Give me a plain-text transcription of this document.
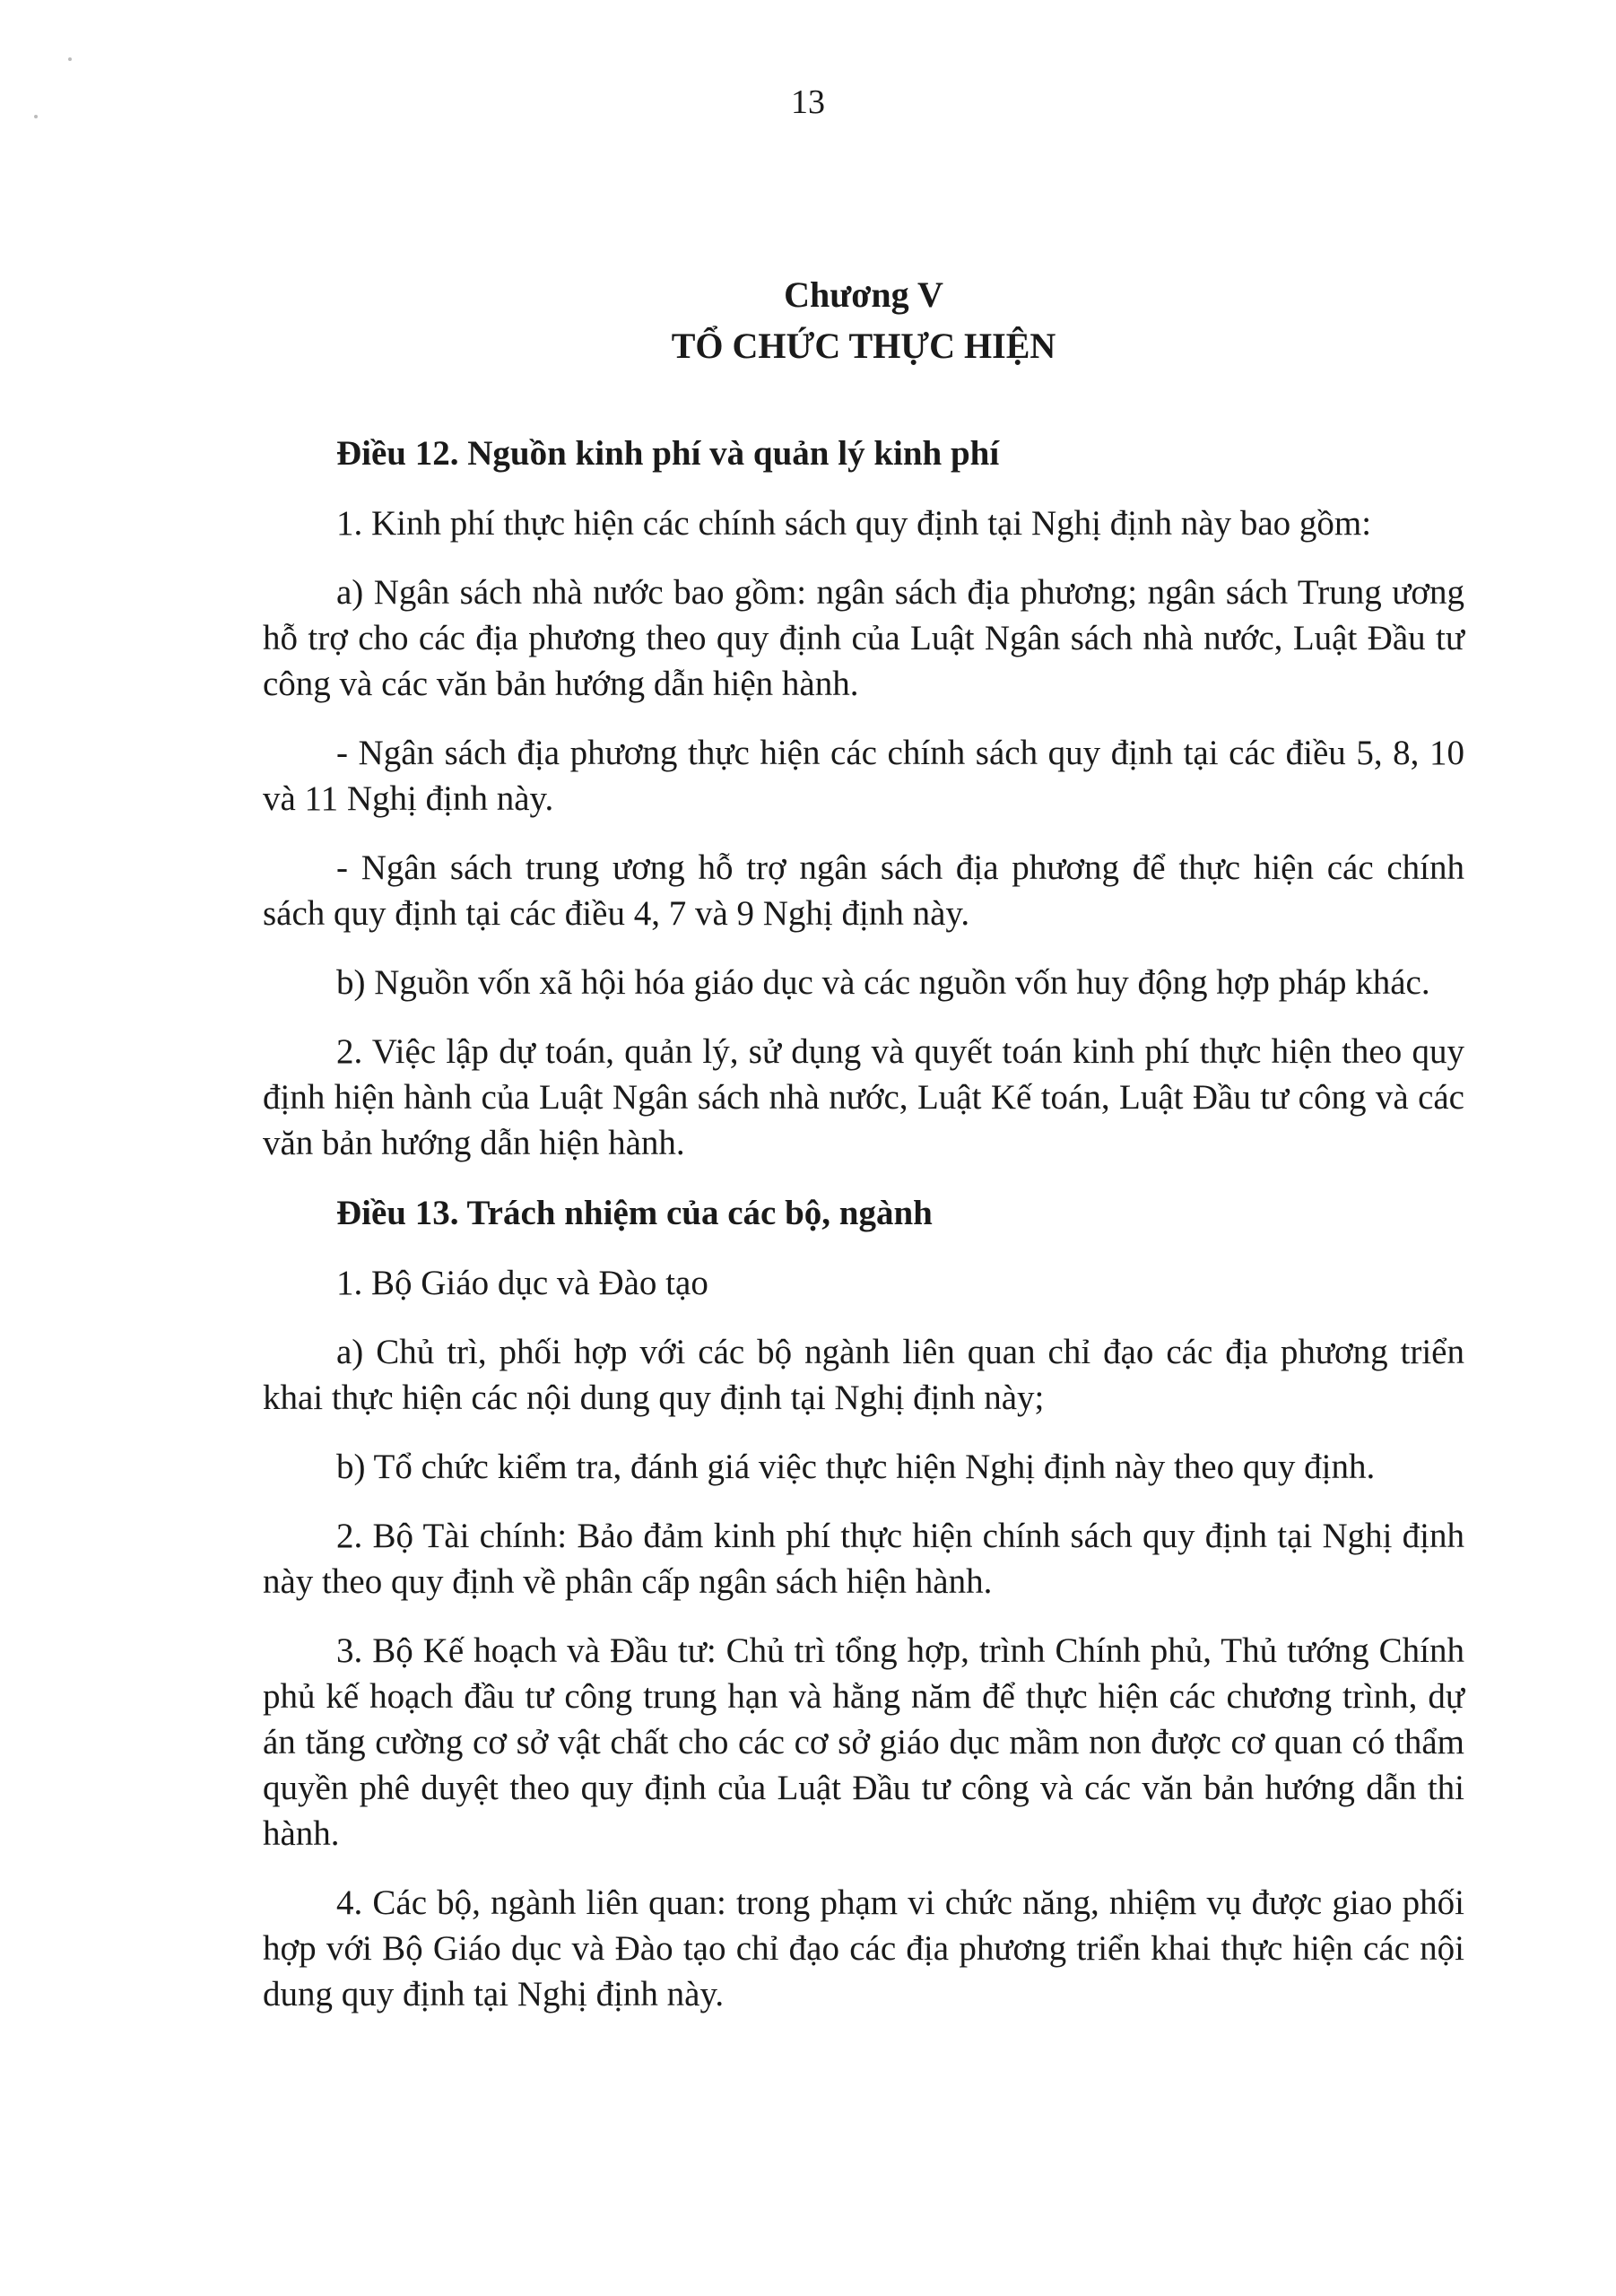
13
Chương V
TỔ CHỨC THỰC HIỆN

Điều 12. Nguồn kinh phí và quản lý kinh phí

1. Kinh phí thực hiện các chính sách quy định tại Nghị định này bao gồm:

a) Ngân sách nhà nước bao gồm: ngân sách địa phương; ngân sách Trung ương hỗ trợ cho các địa phương theo quy định của Luật Ngân sách nhà nước, Luật Đầu tư công và các văn bản hướng dẫn hiện hành.

- Ngân sách địa phương thực hiện các chính sách quy định tại các điều 5, 8, 10 và 11 Nghị định này.

- Ngân sách trung ương hỗ trợ ngân sách địa phương để thực hiện các chính sách quy định tại các điều 4, 7 và 9 Nghị định này.

b) Nguồn vốn xã hội hóa giáo dục và các nguồn vốn huy động hợp pháp khác.

2. Việc lập dự toán, quản lý, sử dụng và quyết toán kinh phí thực hiện theo quy định hiện hành của Luật Ngân sách nhà nước, Luật Kế toán, Luật Đầu tư công và các văn bản hướng dẫn hiện hành.

Điều 13. Trách nhiệm của các bộ, ngành

1. Bộ Giáo dục và Đào tạo

a) Chủ trì, phối hợp với các bộ ngành liên quan chỉ đạo các địa phương triển khai thực hiện các nội dung quy định tại Nghị định này;

b) Tổ chức kiểm tra, đánh giá việc thực hiện Nghị định này theo quy định.

2. Bộ Tài chính: Bảo đảm kinh phí thực hiện chính sách quy định tại Nghị định này theo quy định về phân cấp ngân sách hiện hành.

3. Bộ Kế hoạch và Đầu tư: Chủ trì tổng hợp, trình Chính phủ, Thủ tướng Chính phủ kế hoạch đầu tư công trung hạn và hằng năm để thực hiện các chương trình, dự án tăng cường cơ sở vật chất cho các cơ sở giáo dục mầm non được cơ quan có thẩm quyền phê duyệt theo quy định của Luật Đầu tư công và các văn bản hướng dẫn thi hành.

4. Các bộ, ngành liên quan: trong phạm vi chức năng, nhiệm vụ được giao phối hợp với Bộ Giáo dục và Đào tạo chỉ đạo các địa phương triển khai thực hiện các nội dung quy định tại Nghị định này.
